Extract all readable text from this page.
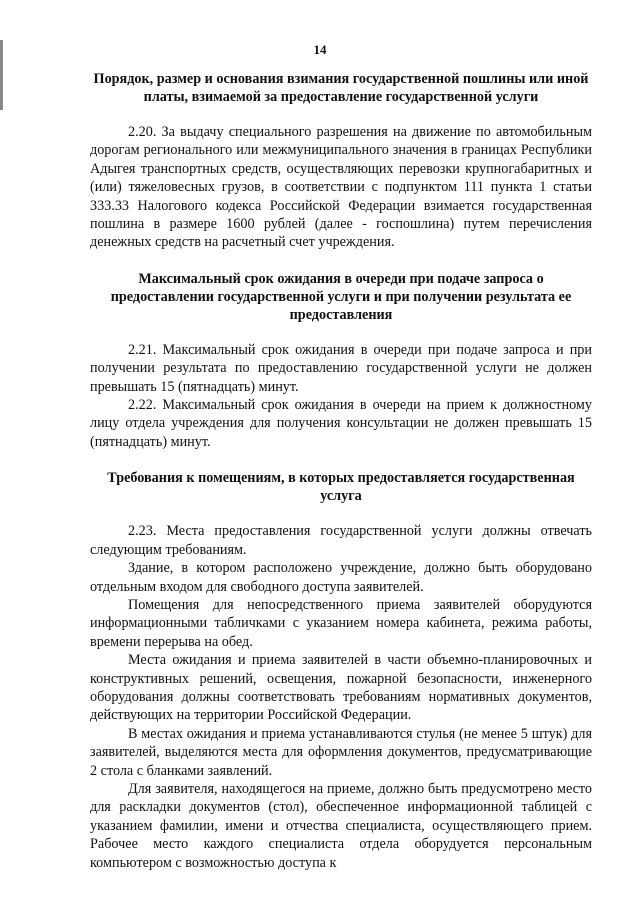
14
Порядок, размер и основания взимания государственной пошлины или иной платы, взимаемой за предоставление государственной услуги

2.20. За выдачу специального разрешения на движение по автомобильным дорогам регионального или межмуниципального значения в границах Республики Адыгея транспортных средств, осуществляющих перевозки крупногабаритных и (или) тяжеловесных грузов, в соответствии с подпунктом 111 пункта 1 статьи 333.33 Налогового кодекса Российской Федерации взимается государственная пошлина в размере 1600 рублей (далее - госпошлина) путем перечисления денежных средств на расчетный счет учреждения.

Максимальный срок ожидания в очереди при подаче запроса о предоставлении государственной услуги и при получении результата ее предоставления

2.21. Максимальный срок ожидания в очереди при подаче запроса и при получении результата по предоставлению государственной услуги не должен превышать 15 (пятнадцать) минут.

2.22. Максимальный срок ожидания в очереди на прием к должностному лицу отдела учреждения для получения консультации не должен превышать 15 (пятнадцать) минут.

Требования к помещениям, в которых предоставляется государственная услуга

2.23. Места предоставления государственной услуги должны отвечать следующим требованиям.

Здание, в котором расположено учреждение, должно быть оборудовано отдельным входом для свободного доступа заявителей.

Помещения для непосредственного приема заявителей оборудуются информационными табличками с указанием номера кабинета, режима работы, времени перерыва на обед.

Места ожидания и приема заявителей в части объемно-планировочных и конструктивных решений, освещения, пожарной безопасности, инженерного оборудования должны соответствовать требованиям нормативных документов, действующих на территории Российской Федерации.

В местах ожидания и приема устанавливаются стулья (не менее 5 штук) для заявителей, выделяются места для оформления документов, предусматривающие 2 стола с бланками заявлений.

Для заявителя, находящегося на приеме, должно быть предусмотрено место для раскладки документов (стол), обеспеченное информационной таблицей с указанием фамилии, имени и отчества специалиста, осуществляющего прием. Рабочее место каждого специалиста отдела оборудуется персональным компьютером с возможностью доступа к
